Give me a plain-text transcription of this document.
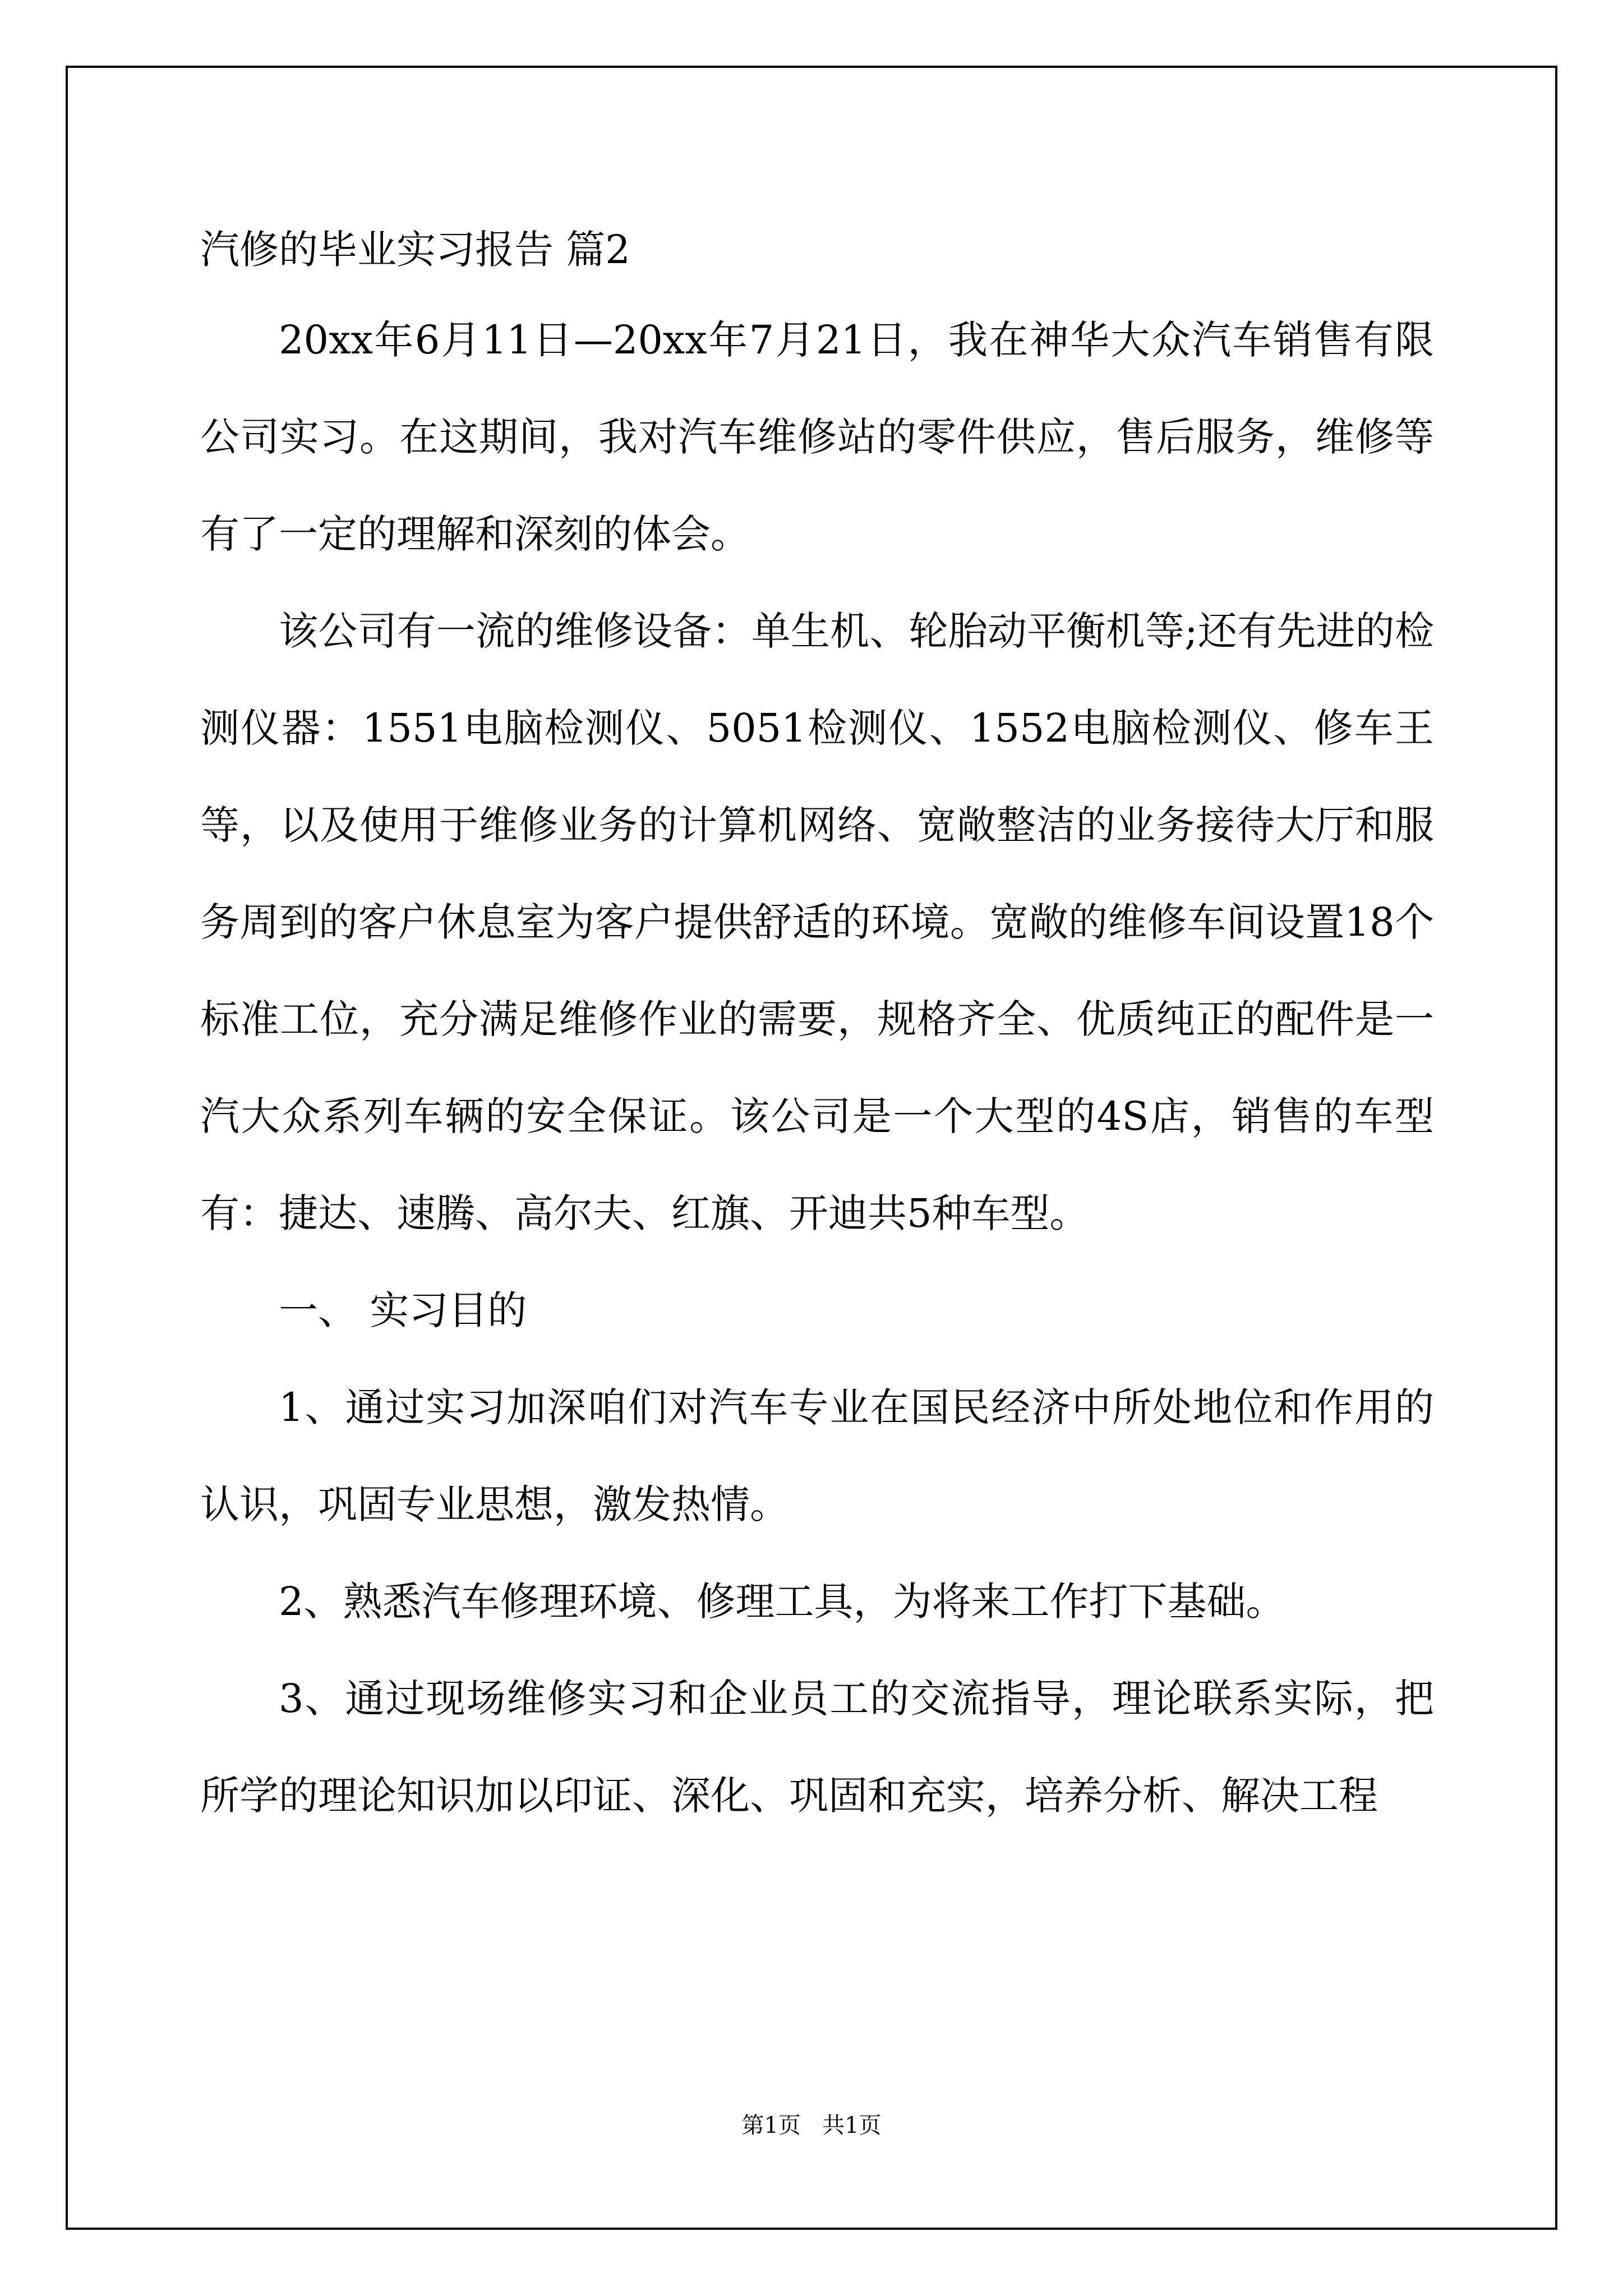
汽修的毕业实习报告 篇2

20xx年6月11日—20xx年7月21日，我在神华大众汽车销售有限公司实习。在这期间，我对汽车维修站的零件供应，售后服务，维修等有了一定的理解和深刻的体会。

该公司有一流的维修设备：单生机、轮胎动平衡机等;还有先进的检测仪器：1551电脑检测仪、5051检测仪、1552电脑检测仪、修车王等，以及使用于维修业务的计算机网络、宽敞整洁的业务接待大厅和服务周到的客户休息室为客户提供舒适的环境。宽敞的维修车间设置18个标准工位，充分满足维修作业的需要，规格齐全、优质纯正的配件是一汽大众系列车辆的安全保证。该公司是一个大型的4S店，销售的车型有：捷达、速腾、高尔夫、红旗、开迪共5种车型。

一、 实习目的

1、通过实习加深咱们对汽车专业在国民经济中所处地位和作用的认识，巩固专业思想，激发热情。

2、熟悉汽车修理环境、修理工具，为将来工作打下基础。

3、通过现场维修实习和企业员工的交流指导，理论联系实际，把所学的理论知识加以印证、深化、巩固和充实，培养分析、解决工程

第1页   共1页
